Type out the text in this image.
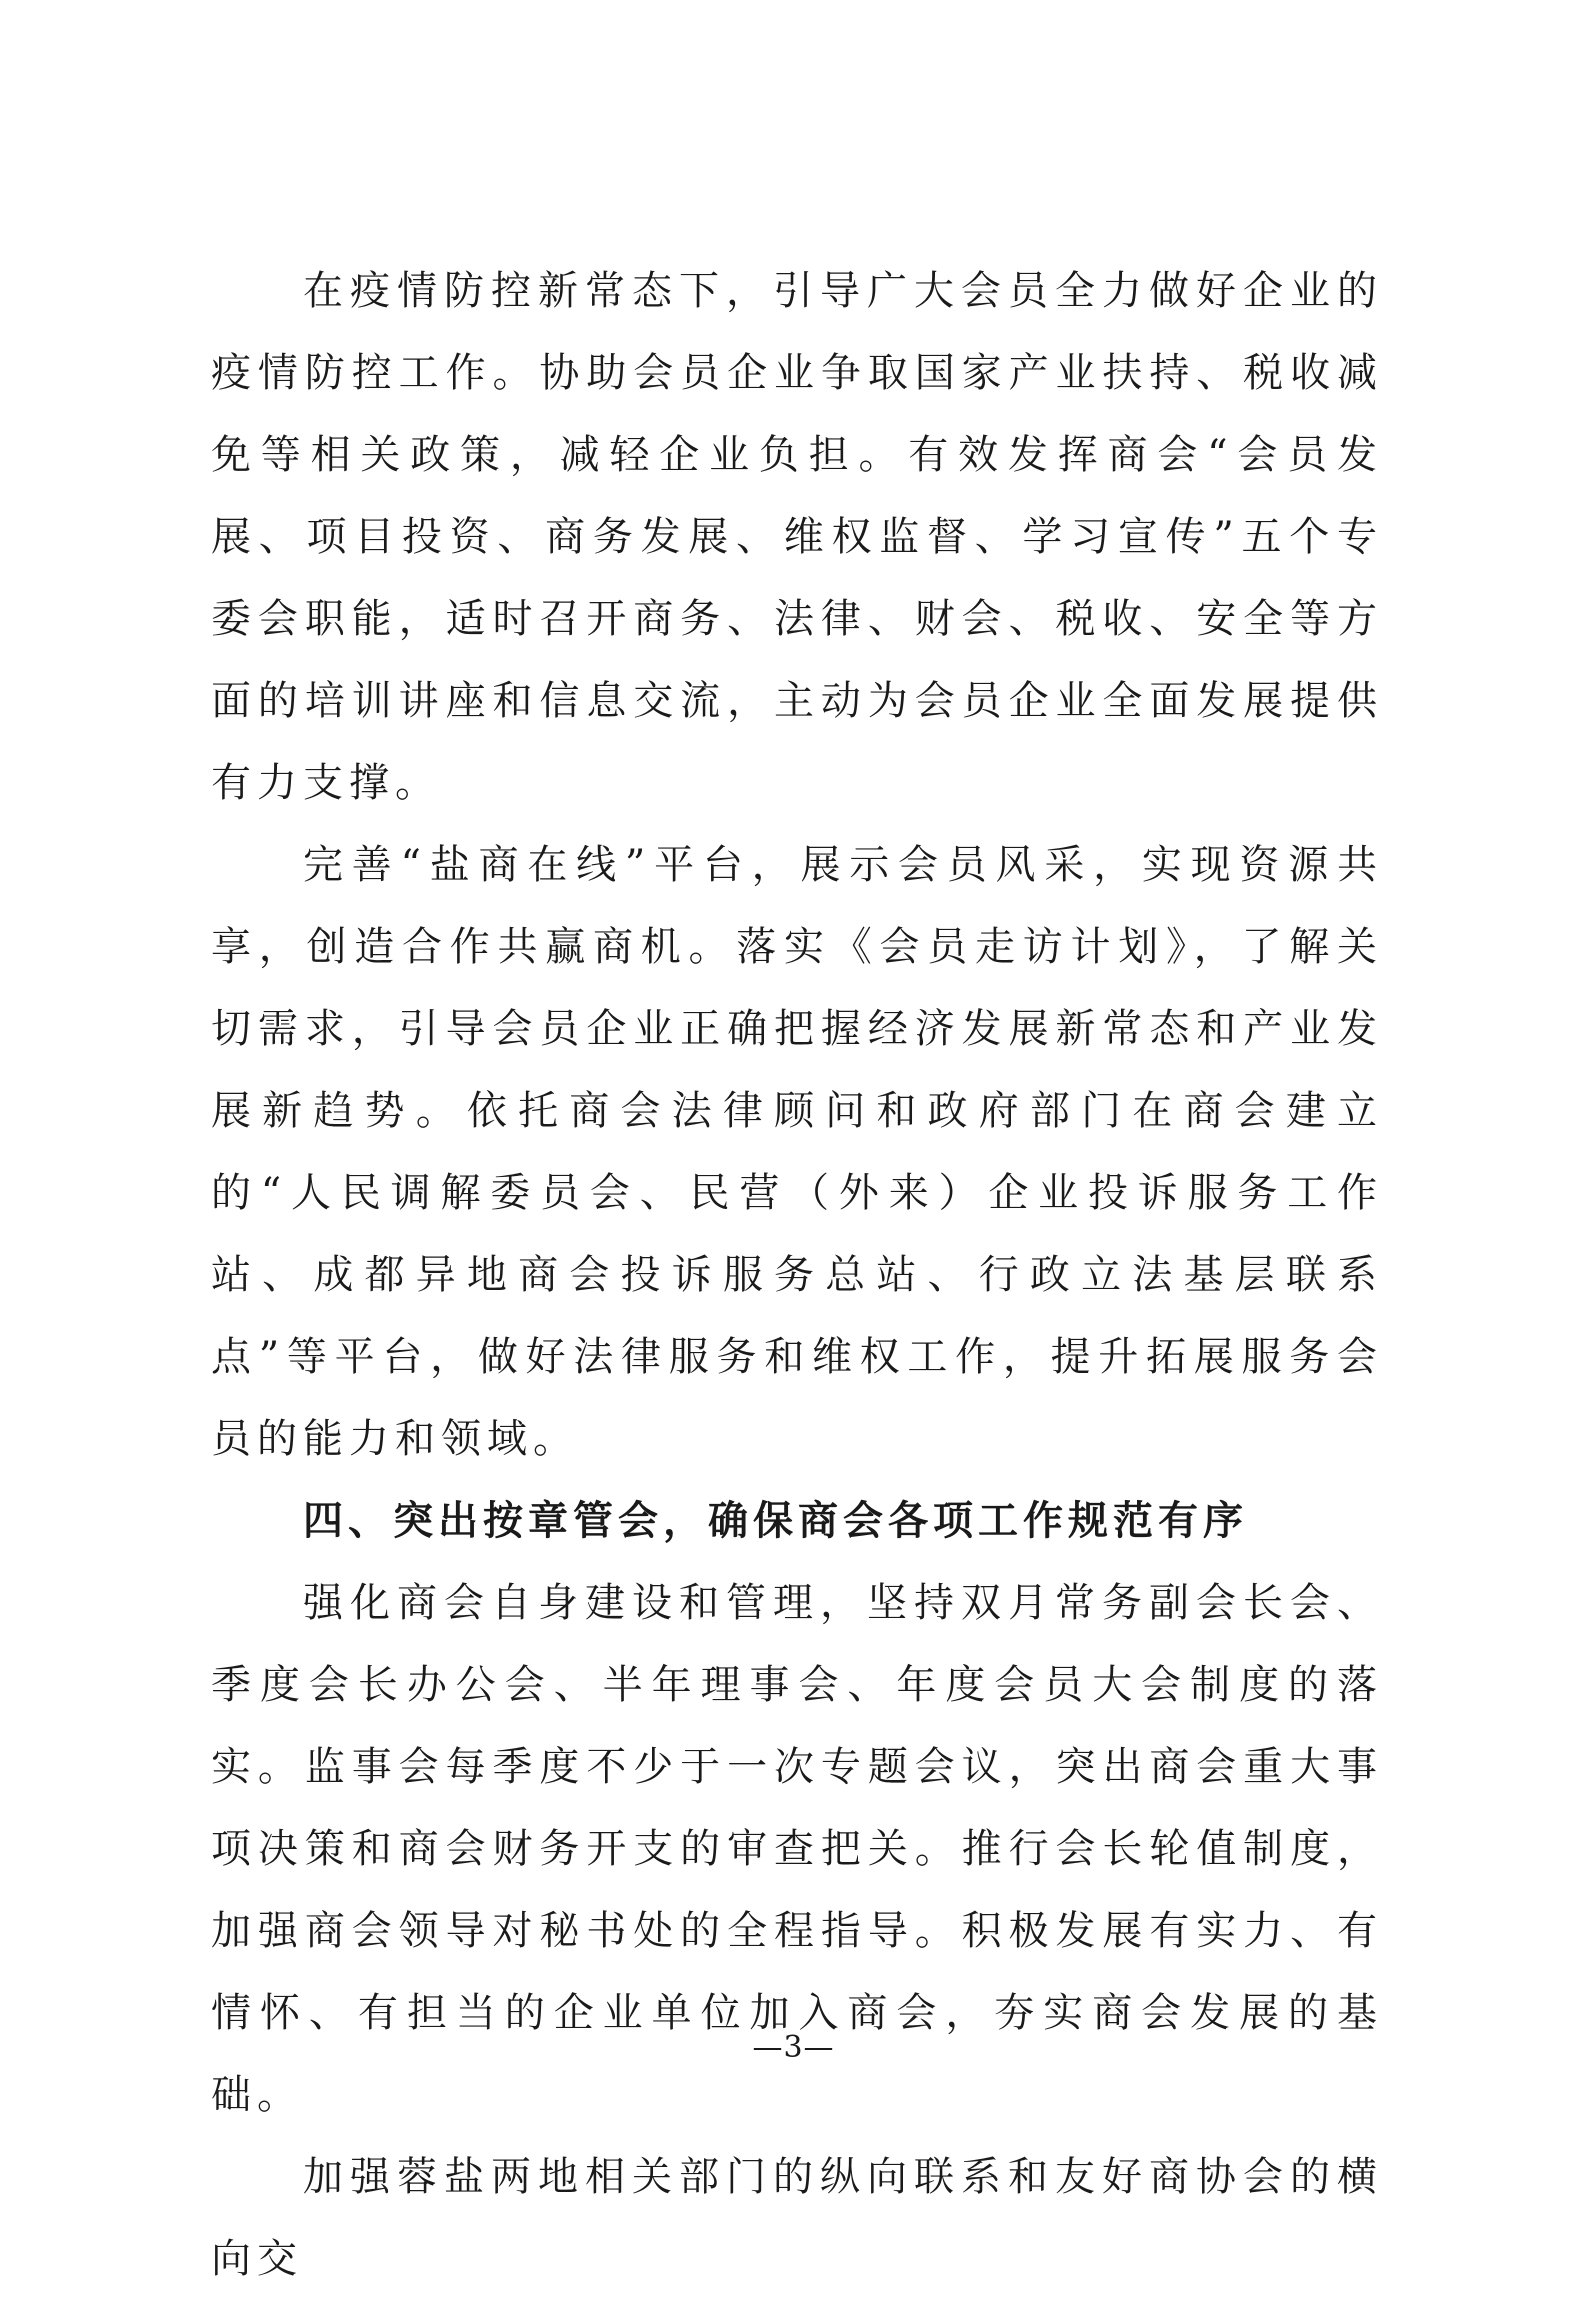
在疫情防控新常态下，引导广大会员全力做好企业的疫情防控工作。协助会员企业争取国家产业扶持、税收减免等相关政策，减轻企业负担。有效发挥商会“会员发展、项目投资、商务发展、维权监督、学习宣传”五个专委会职能，适时召开商务、法律、财会、税收、安全等方面的培训讲座和信息交流，主动为会员企业全面发展提供有力支撑。

完善“盐商在线”平台，展示会员风采，实现资源共享，创造合作共赢商机。落实《会员走访计划》，了解关切需求，引导会员企业正确把握经济发展新常态和产业发展新趋势。依托商会法律顾问和政府部门在商会建立的“人民调解委员会、民营（外来）企业投诉服务工作站、成都异地商会投诉服务总站、行政立法基层联系点”等平台，做好法律服务和维权工作，提升拓展服务会员的能力和领域。

四、突出按章管会，确保商会各项工作规范有序

强化商会自身建设和管理，坚持双月常务副会长会、季度会长办公会、半年理事会、年度会员大会制度的落实。监事会每季度不少于一次专题会议，突出商会重大事项决策和商会财务开支的审查把关。推行会长轮值制度，加强商会领导对秘书处的全程指导。积极发展有实力、有情怀、有担当的企业单位加入商会，夯实商会发展的基础。

加强蓉盐两地相关部门的纵向联系和友好商协会的横向交

—3—
